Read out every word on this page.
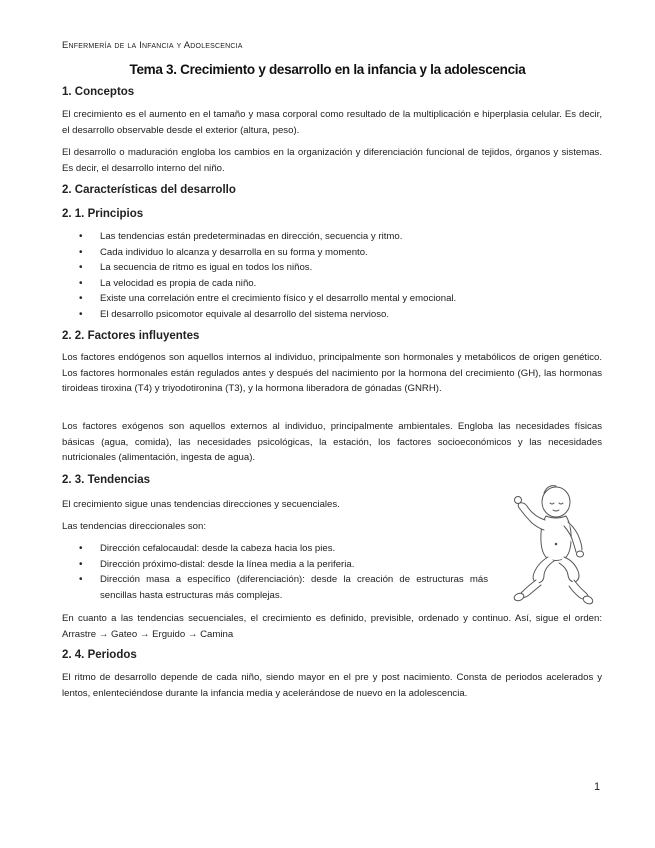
Enfermería de la Infancia y Adolescencia
Tema 3. Crecimiento y desarrollo en la infancia y la adolescencia
1. Conceptos
El crecimiento es el aumento en el tamaño y masa corporal como resultado de la multiplicación e hiperplasia celular. Es decir, el desarrollo observable desde el exterior (altura, peso).
El desarrollo o maduración engloba los cambios en la organización y diferenciación funcional de tejidos, órganos y sistemas. Es decir, el desarrollo interno del niño.
2. Características del desarrollo
2. 1. Principios
• Las tendencias están predeterminadas en dirección, secuencia y ritmo.
• Cada individuo lo alcanza y desarrolla en su forma y momento.
• La secuencia de ritmo es igual en todos los niños.
• La velocidad es propia de cada niño.
• Existe una correlación entre el crecimiento físico y el desarrollo mental y emocional.
• El desarrollo psicomotor equivale al desarrollo del sistema nervioso.
2. 2. Factores influyentes
Los factores endógenos son aquellos internos al individuo, principalmente son hormonales y metabólicos de origen genético. Los factores hormonales están regulados antes y después del nacimiento por la hormona del crecimiento (GH), las hormonas tiroideas tiroxina (T4) y triyodotironina (T3), y la hormona liberadora de gónadas (GNRH).
Los factores exógenos son aquellos externos al individuo, principalmente ambientales. Engloba las necesidades físicas básicas (agua, comida), las necesidades psicológicas, la estación, los factores socioeconómicos y las necesidades nutricionales (alimentación, ingesta de agua).
2. 3. Tendencias
El crecimiento sigue unas tendencias direcciones y secuenciales.
Las tendencias direccionales son:
• Dirección cefalocaudal: desde la cabeza hacia los pies.
• Dirección próximo-distal: desde la línea media a la periferia.
• Dirección masa a específico (diferenciación): desde la creación de estructuras más sencillas hasta estructuras más complejas.
En cuanto a las tendencias secuenciales, el crecimiento es definido, previsible, ordenado y continuo. Así, sigue el orden: Arrastre → Gateo → Erguido → Camina
2. 4. Periodos
El ritmo de desarrollo depende de cada niño, siendo mayor en el pre y post nacimiento. Consta de periodos acelerados y lentos, enlenteciéndose durante la infancia media y acelerándose de nuevo en la adolescencia.
1
